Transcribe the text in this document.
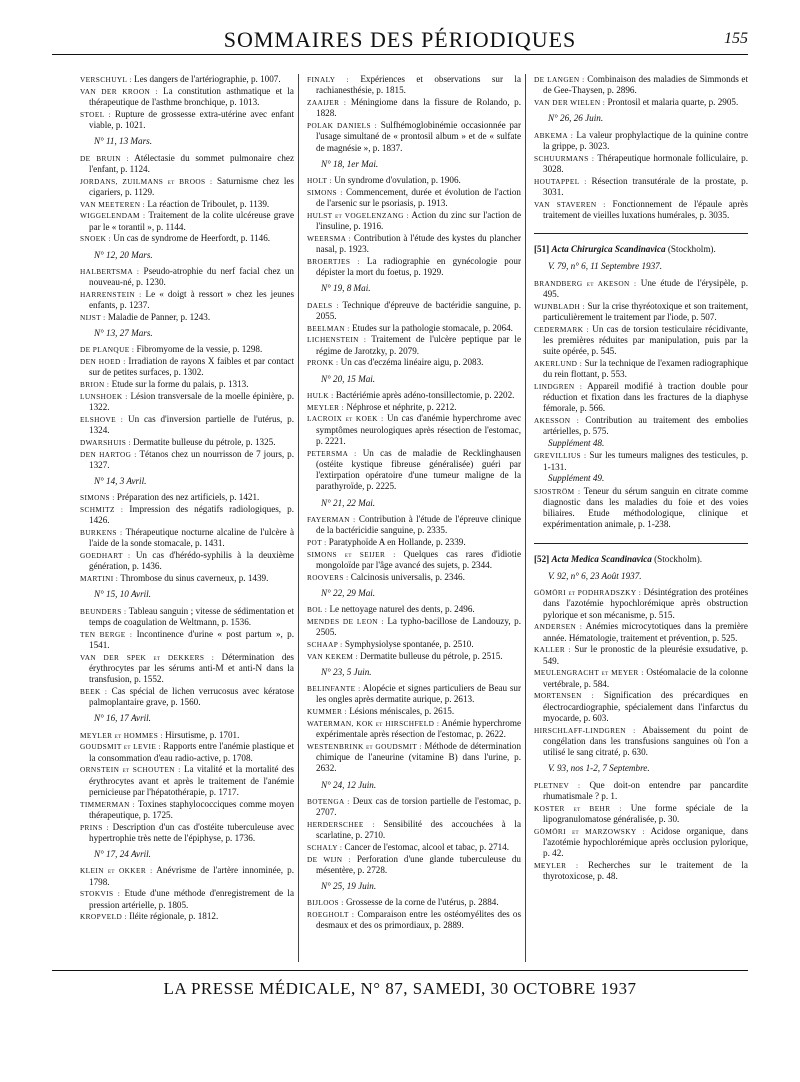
SOMMAIRES DES PÉRIODIQUES	155
VERSCHUYL : Les dangers de l'artériographie, p. 1007.
VAN DER KROON : La constitution asthmatique et la thérapeutique de l'asthme bronchique, p. 1013.
STOEL : Rupture de grossesse extra-utérine avec enfant viable, p. 1021.
N° 11, 13 Mars.
DE BRUIN : Atélectasie du sommet pulmonaire chez l'enfant, p. 1124.
JORDANS, ZUILMANS et BROOS : Saturnisme chez les cigariers, p. 1129.
VAN MEETEREN : La réaction de Triboulet, p. 1139.
WIGGELENDAM : Traitement de la colite ulcéreuse grave par le « torantil », p. 1144.
SNOEK : Un cas de syndrome de Heerfordt, p. 1146.
N° 12, 20 Mars.
HALBERTSMA : Pseudo-atrophie du nerf facial chez un nouveau-né, p. 1230.
HARRENSTEIN : Le « doigt à ressort » chez les jeunes enfants, p. 1237.
NIJST : Maladie de Panner, p. 1243.
N° 13, 27 Mars.
DE PLANQUE : Fibromyome de la vessie, p. 1298.
DEN HOED : Irradiation de rayons X faibles et par contact sur de petites surfaces, p. 1302.
BRION : Etude sur la forme du palais, p. 1313.
LUNSHOEK : Lésion transversale de la moelle épinière, p. 1322.
ELSHOVE : Un cas d'inversion partielle de l'utérus, p. 1324.
DWARSHUIS : Dermatite bulleuse du pétrole, p. 1325.
DEN HARTOG : Tétanos chez un nourrisson de 7 jours, p. 1327.
N° 14, 3 Avril.
SIMONS : Préparation des nez artificiels, p. 1421.
SCHMITZ : Impression des négatifs radiologiques, p. 1426.
BURKENS : Thérapeutique nocturne alcaline de l'ulcère à l'aide de la sonde stomacale, p. 1431.
GOEDHART : Un cas d'hérédo-syphilis à la deuxième génération, p. 1436.
MARTINI : Thrombose du sinus caverneux, p. 1439.
N° 15, 10 Avril.
BEUNDERS : Tableau sanguin ; vitesse de sédimentation et temps de coagulation de Weltmann, p. 1536.
TEN BERGE : Incontinence d'urine « post partum », p. 1541.
VAN DER SPEK et DEKKERS : Détermination des érythrocytes par les sérums anti-M et anti-N dans la transfusion, p. 1552.
BEEK : Cas spécial de lichen verrucosus avec kératose palmoplantaire grave, p. 1560.
N° 16, 17 Avril.
MEYLER et HOMMES : Hirsutisme, p. 1701.
GOUDSMIT et LEVIE : Rapports entre l'anémie plastique et la consommation d'eau radio-active, p. 1708.
ORNSTEIN et SCHOUTEN : La vitalité et la mortalité des érythrocytes avant et après le traitement de l'anémie pernicieuse par l'hépatothérapie, p. 1717.
TIMMERMAN : Toxines staphylococciques comme moyen thérapeutique, p. 1725.
PRINS : Description d'un cas d'ostéite tuberculeuse avec hypertrophie très nette de l'épiphyse, p. 1736.
N° 17, 24 Avril.
KLEIN et OKKER : Anévrisme de l'artère innominée, p. 1798.
STOKVIS : Etude d'une méthode d'enregistrement de la pression artérielle, p. 1805.
KROPVELD : Iléite régionale, p. 1812.
FINALY : Expériences et observations sur la rachianesthésie, p. 1815.
ZAAIJER : Méningiome dans la fissure de Rolando, p. 1828.
POLAK DANIELS : Sulfhémoglobinémie occasionnée par l'usage simultané de « prontosil album » et de « sulfate de magnésie », p. 1837.
N° 18, 1er Mai.
HOLT : Un syndrome d'ovulation, p. 1906.
SIMONS : Commencement, durée et évolution de l'action de l'arsenic sur le psoriasis, p. 1913.
HULST et VOGELENZANG : Action du zinc sur l'action de l'insuline, p. 1916.
WEERSMA : Contribution à l'étude des kystes du plancher nasal, p. 1923.
BROERTJES : La radiographie en gynécologie pour dépister la mort du foetus, p. 1929.
N° 19, 8 Mai.
DAELS : Technique d'épreuve de bactéridie sanguine, p. 2055.
BEELMAN : Etudes sur la pathologie stomacale, p. 2064.
LICHENSTEIN : Traitement de l'ulcère peptique par le régime de Jarotzky, p. 2079.
PRONK : Un cas d'eczéma linéaire aigu, p. 2083.
N° 20, 15 Mai.
HULK : Bactériémie après adéno-tonsillectomie, p. 2202.
MEYLER : Néphrose et néphrite, p. 2212.
LACROIX et KOEK : Un cas d'anémie hyperchrome avec symptômes neurologiques après résection de l'estomac, p. 2221.
PETERSMA : Un cas de maladie de Recklinghausen (ostéite kystique fibreuse généralisée) guéri par l'extirpation opératoire d'une tumeur maligne de la parathyroïde, p. 2225.
N° 21, 22 Mai.
FAYERMAN : Contribution à l'étude de l'épreuve clinique de la bactéricidie sanguine, p. 2335.
POT : Paratyphoïde A en Hollande, p. 2339.
SIMONS et SEIJER : Quelques cas rares d'idiotie mongoloïde par l'âge avancé des sujets, p. 2344.
ROOVERS : Calcinosis universalis, p. 2346.
N° 22, 29 Mai.
BOL : Le nettoyage naturel des dents, p. 2496.
MENDES DE LEON : La typho-bacillose de Landouzy, p. 2505.
SCHAAP : Symphysiolyse spontanée, p. 2510.
VAN KEKEM : Dermatite bulleuse du pétrole, p. 2515.
N° 23, 5 Juin.
BELINFANTE : Alopécie et signes particuliers de Beau sur les ongles après dermatite aurique, p. 2613.
KUMMER : Lésions méniscales, p. 2615.
WATERMAN, KOK et HIRSCHFELD : Anémie hyperchrome expérimentale après résection de l'estomac, p. 2622.
WESTENBRINK et GOUDSMIT : Méthode de détermination chimique de l'aneurine (vitamine B) dans l'urine, p. 2632.
N° 24, 12 Juin.
BOTENGA : Deux cas de torsion partielle de l'estomac, p. 2707.
HERDERSCHEE : Sensibilité des accouchées à la scarlatine, p. 2710.
SCHALY : Cancer de l'estomac, alcool et tabac, p. 2714.
DE WIJN : Perforation d'une glande tuberculeuse du mésentère, p. 2728.
N° 25, 19 Juin.
BIJLOOS : Grossesse de la corne de l'utérus, p. 2884.
ROEGHOLT : Comparaison entre les ostéomyélites des os desmaux et des os primordiaux, p. 2889.
DE LANGEN : Combinaison des maladies de Simmonds et de Gee-Thaysen, p. 2896.
VAN DER WIELEN : Prontosil et malaria quarte, p. 2905.
N° 26, 26 Juin.
ABKEMA : La valeur prophylactique de la quinine contre la grippe, p. 3023.
SCHUURMANS : Thérapeutique hormonale folliculaire, p. 3028.
HOUTAPPEL : Résection transutérale de la prostate, p. 3031.
VAN STAVEREN : Fonctionnement de l'épaule après traitement de vieilles luxations humérales, p. 3035.
[51] Acta Chirurgica Scandinavica (Stockholm).
V. 79, n° 6, 11 Septembre 1937.
BRANDBERG et AKESON : Une étude de l'érysipèle, p. 495.
WIJNBLADH : Sur la crise thyréotoxique et son traitement, particulièrement le traitement par l'iode, p. 507.
CEDERMARK : Un cas de torsion testiculaire récidivante, les premières réduites par manipulation, puis par la suite opérée, p. 545.
AKERLUND : Sur la technique de l'examen radiographique du rein flottant, p. 553.
LINDGREN : Appareil modifié à traction double pour réduction et fixation dans les fractures de la diaphyse fémorale, p. 566.
AKESSON : Contribution au traitement des embolies artérielles, p. 575.
Supplément 48.
GREVILLIUS : Sur les tumeurs malignes des testicules, p. 1-131.
Supplément 49.
SJOSTRÖM : Teneur du sérum sanguin en citrate comme diagnostic dans les maladies du foie et des voies biliaires. Etude méthodologique, clinique et expérimentation animale, p. 1-238.
[52] Acta Medica Scandinavica (Stockholm).
V. 92, n° 6, 23 Août 1937.
GÖMÖRI et PODHRADSZKY : Désintégration des protéines dans l'azotémie hypochlorémique après obstruction pylorique et son mécanisme, p. 515.
ANDERSEN : Anémies microcytotiques dans la première année. Hématologie, traitement et prévention, p. 525.
KALLER : Sur le pronostic de la pleurésie exsudative, p. 549.
MEULENGRACHT et MEYER : Ostéomalacie de la colonne vertébrale, p. 584.
MORTENSEN : Signification des précardiques en électrocardiographie, spécialement dans l'infarctus du myocarde, p. 603.
HIRSCHLAFF-LINDGREN : Abaissement du point de congélation dans les transfusions sanguines où l'on a utilisé le sang citraté, p. 630.
V. 93, nos 1-2, 7 Septembre.
PLETNEV : Que doit-on entendre par pancardite rhumatismale ? p. 1.
KOSTER et BEHR : Une forme spéciale de la lipogranulomatose généralisée, p. 30.
GÖMÖRI et MARZOWSKY : Acidose organique, dans l'azotémie hypochlorémique après occlusion pylorique, p. 42.
MEYLER : Recherches sur le traitement de la thyrotoxicose, p. 48.
LA PRESSE MÉDICALE, N° 87, SAMEDI, 30 OCTOBRE 1937
